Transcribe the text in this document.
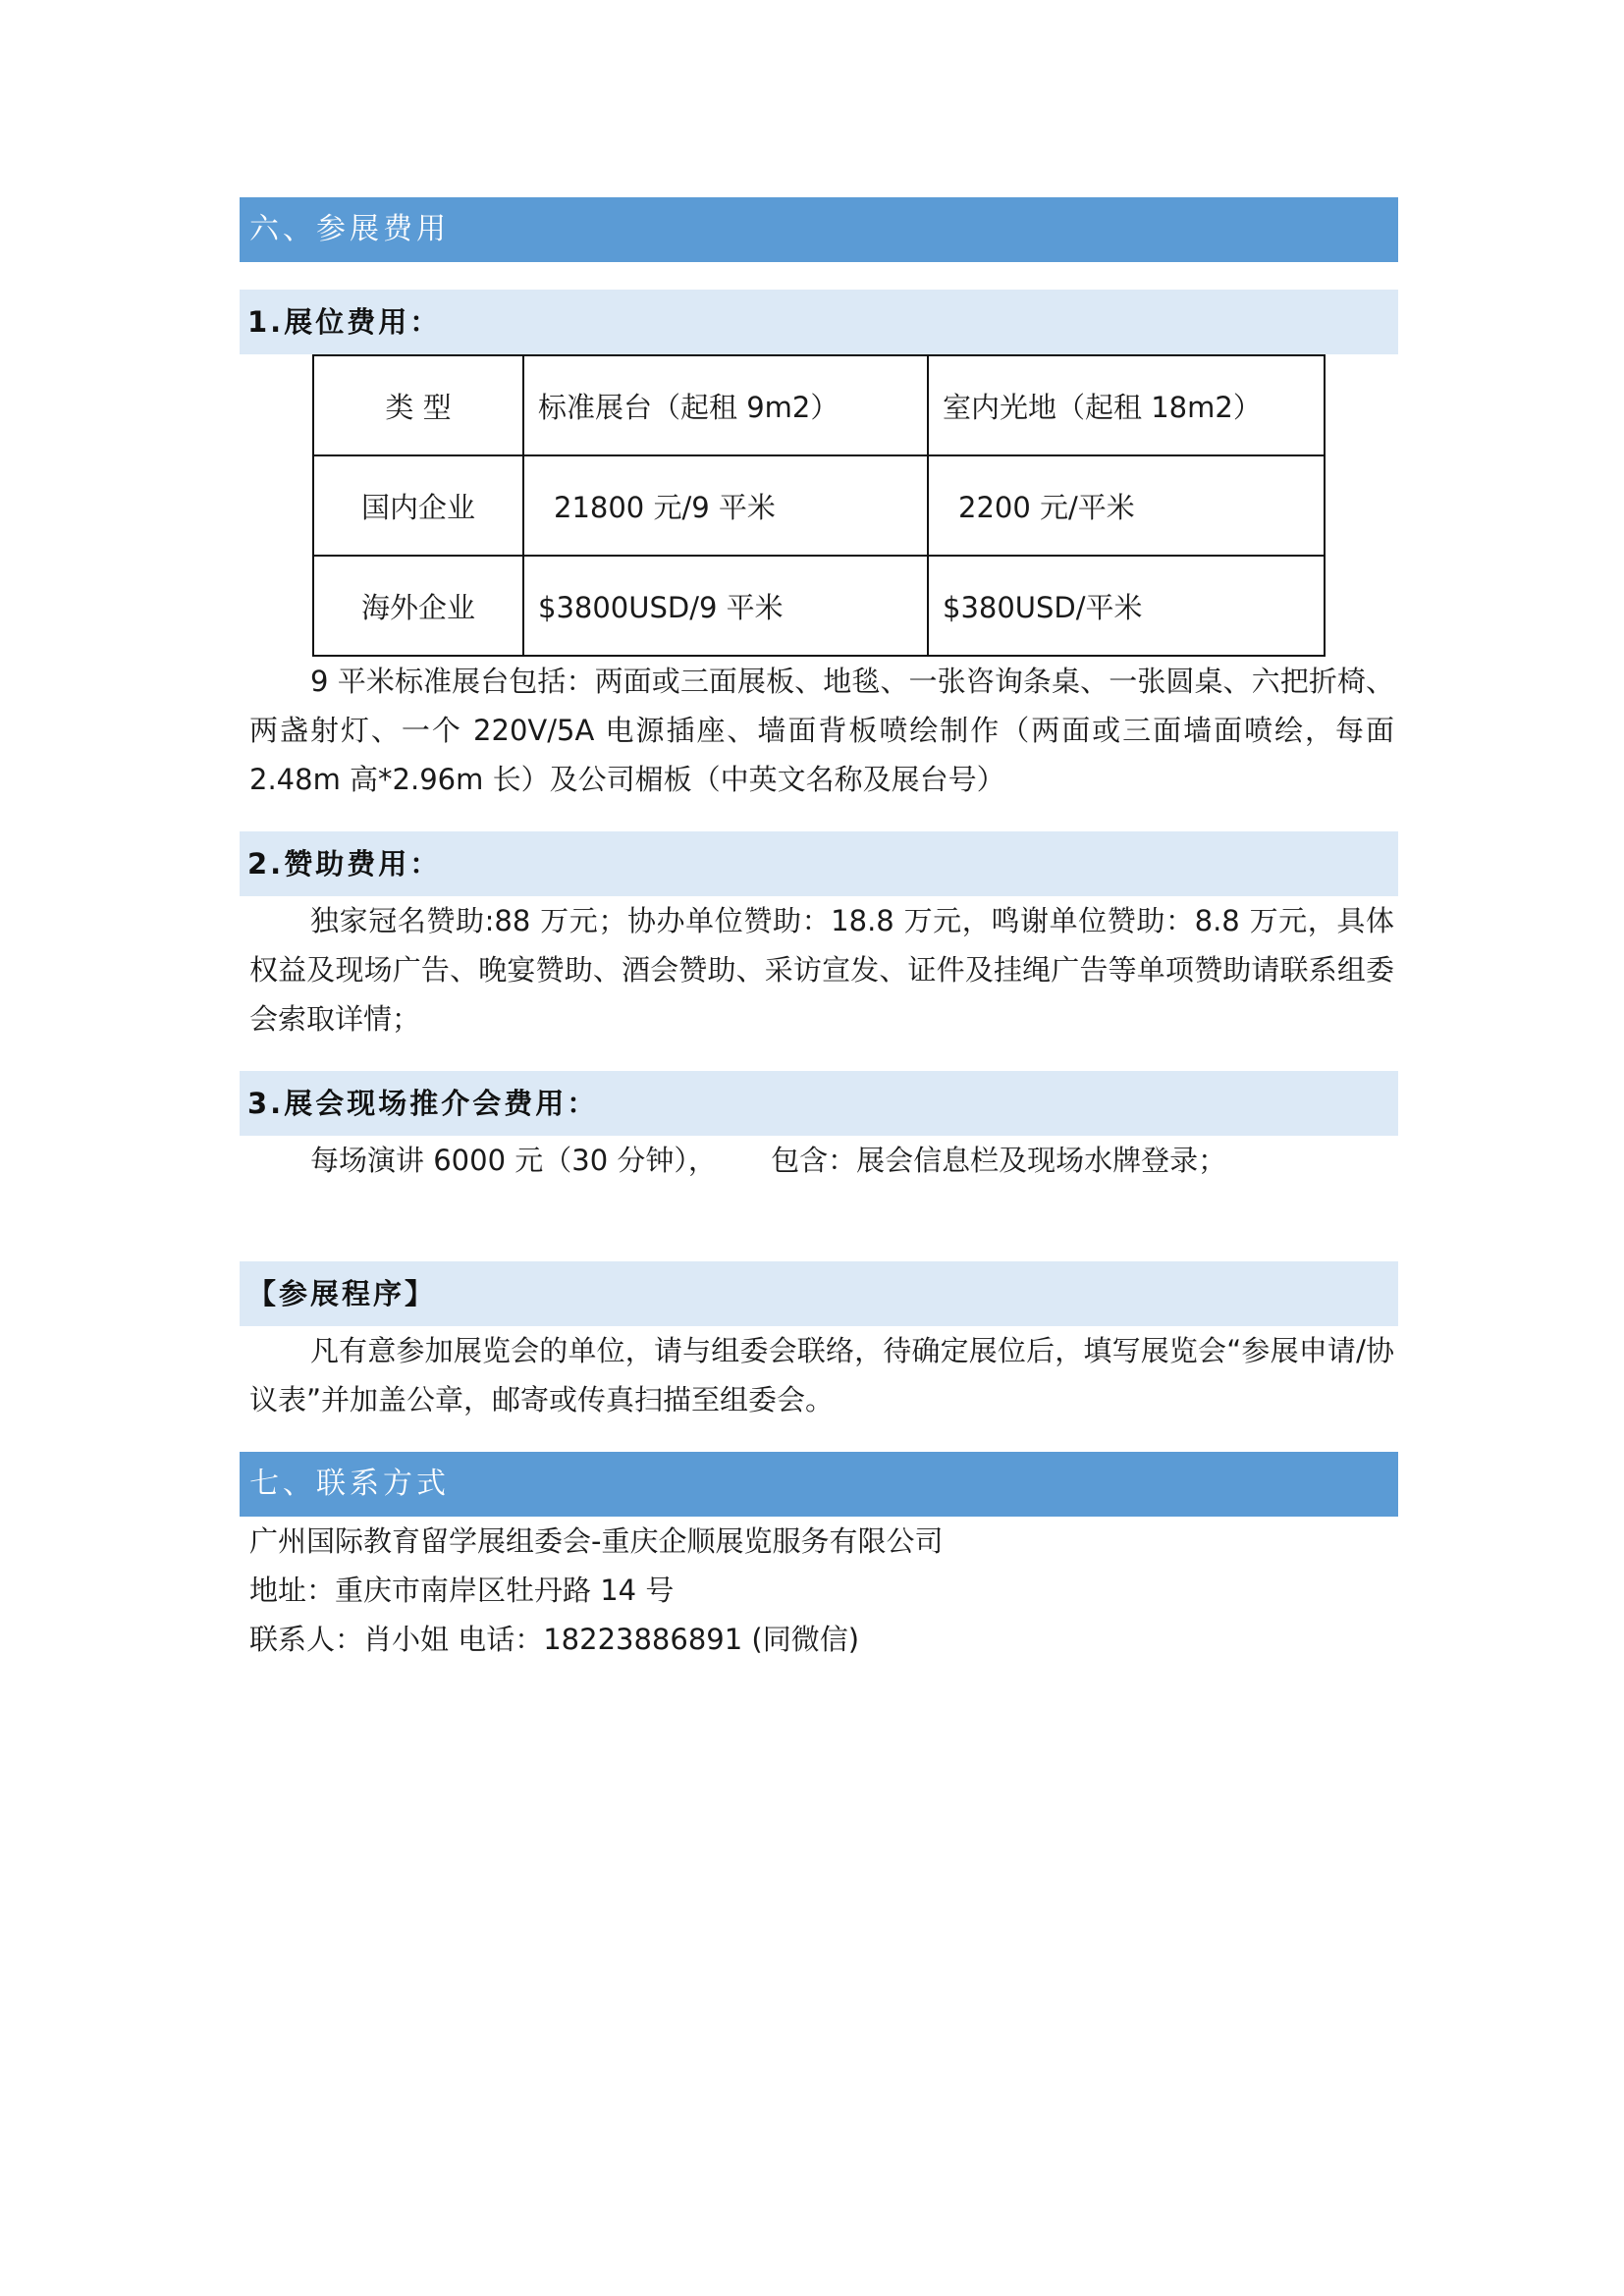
六、参展费用
1.展位费用：
类 型	标准展台（起租 9m2）	室内光地（起租 18m2）
国内企业	21800 元/9 平米	2200 元/平米
海外企业	$3800USD/9 平米	$380USD/平米
9 平米标准展台包括：两面或三面展板、地毯、一张咨询条桌、一张圆桌、六把折椅、两盏射灯、一个 220V/5A 电源插座、墙面背板喷绘制作（两面或三面墙面喷绘，每面 2.48m 高*2.96m 长）及公司楣板（中英文名称及展台号）
2.赞助费用：
独家冠名赞助:88 万元；协办单位赞助：18.8 万元，鸣谢单位赞助：8.8 万元，具体权益及现场广告、晚宴赞助、酒会赞助、采访宣发、证件及挂绳广告等单项赞助请联系组委会索取详情；
3.展会现场推介会费用：
每场演讲 6000 元（30 分钟），      包含：展会信息栏及现场水牌登录；
【参展程序】
凡有意参加展览会的单位，请与组委会联络，待确定展位后，填写展览会“参展申请/协议表”并加盖公章，邮寄或传真扫描至组委会。
七、联系方式
广州国际教育留学展组委会-重庆企顺展览服务有限公司
地址：重庆市南岸区牡丹路 14 号
联系人：肖小姐 电话：18223886891 (同微信)
